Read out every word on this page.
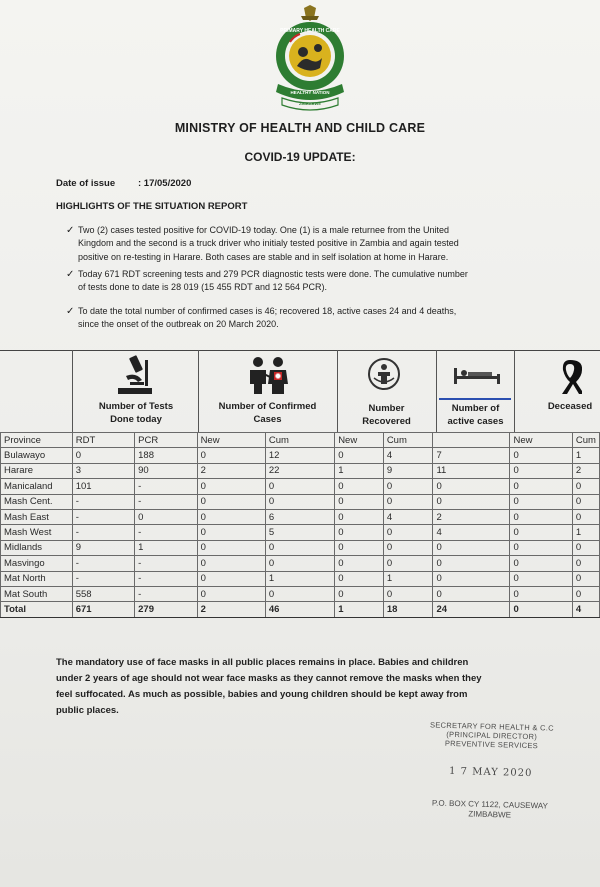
PRIMARY HEALTH CARE
HEALTHY NATION
ZIMBABWE
MINISTRY OF HEALTH AND CHILD CARE
COVID-19 UPDATE:
Date of issue : 17/05/2020
HIGHLIGHTS OF THE SITUATION REPORT
✓ Two (2) cases tested positive for COVID-19 today. One (1) is a male returnee from the United
Kingdom and the second is a truck driver who initialy tested positive in Zambia and again tested
positive on re-testing in Harare. Both cases are stable and in self isolation at home in Harare.
✓ Today 671 RDT screening tests and 279 PCR diagnostic tests were done. The cumulative number
of tests done to date is 28 019 (15 455 RDT and 12 564 PCR).
✓ To date the total number of confirmed cases is 46; recovered 18, active cases 24 and 4 deaths,
since the onset of the outbreak on 20 March 2020.
Number of Tests
Done today
Number of Confirmed
Cases
Number
Recovered
Number of
active cases
Deceased
Province	RDT	PCR	New	Cum	New	Cum		New	Cum
Bulawayo	0	188	0	12	0	4	7	0	1
Harare	3	90	2	22	1	9	11	0	2
Manicaland	101	-	0	0	0	0	0	0	0
Mash Cent.	-	-	0	0	0	0	0	0	0
Mash East	-	0	0	6	0	4	2	0	0
Mash West	-	-	0	5	0	0	4	0	1
Midlands	9	1	0	0	0	0	0	0	0
Masvingo	-	-	0	0	0	0	0	0	0
Mat North	-	-	0	1	0	1	0	0	0
Mat South	558	-	0	0	0	0	0	0	0
Total	671	279	2	46	1	18	24	0	4
The mandatory use of face masks in all public places remains in place. Babies and children
under 2 years of age should not wear face masks as they cannot remove the masks when they
feel suffocated. As much as possible, babies and young children should be kept away from
public places.
SECRETARY FOR HEALTH & C.C
(PRINCIPAL DIRECTOR)
PREVENTIVE SERVICES
1 7 MAY 2020
P.O. BOX CY 1122, CAUSEWAY
ZIMBABWE
